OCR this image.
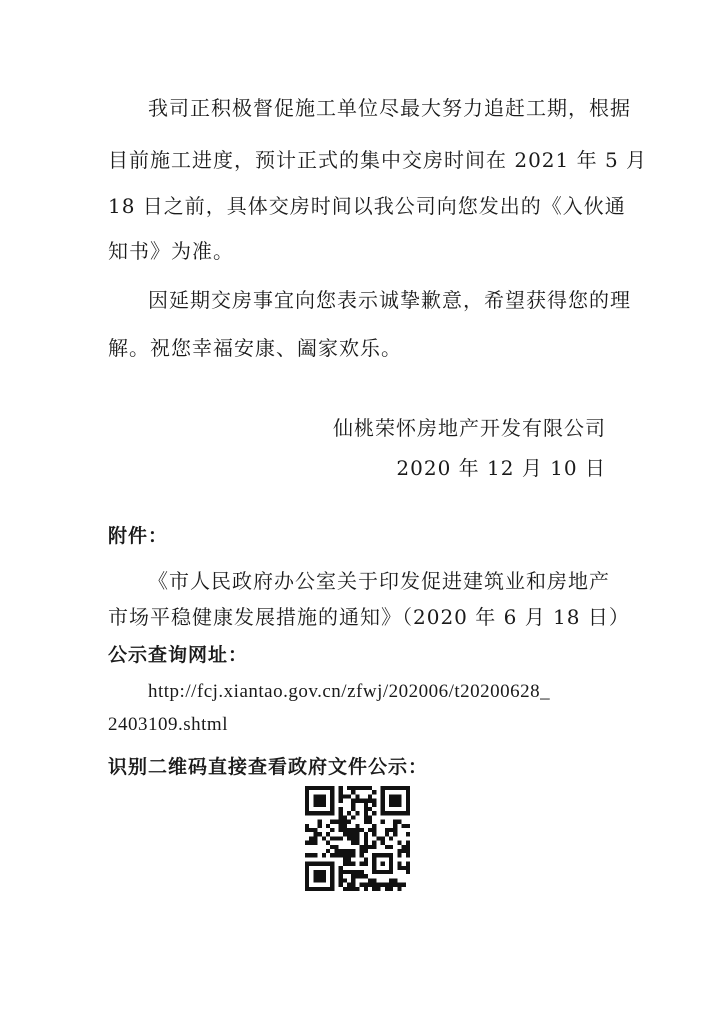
我司正积极督促施工单位尽最大努力追赶工期，根据
目前施工进度，预计正式的集中交房时间在 2021 年 5 月
18 日之前，具体交房时间以我公司向您发出的《入伙通
知书》为准。
因延期交房事宜向您表示诚挚歉意，希望获得您的理
解。祝您幸福安康、阖家欢乐。
仙桃荣怀房地产开发有限公司
2020 年 12 月 10 日
附件：
《市人民政府办公室关于印发促进建筑业和房地产
市场平稳健康发展措施的通知》（2020 年 6 月 18 日）
公示查询网址：
http://fcj.xiantao.gov.cn/zfwj/202006/t20200628_
2403109.shtml
识别二维码直接查看政府文件公示：
